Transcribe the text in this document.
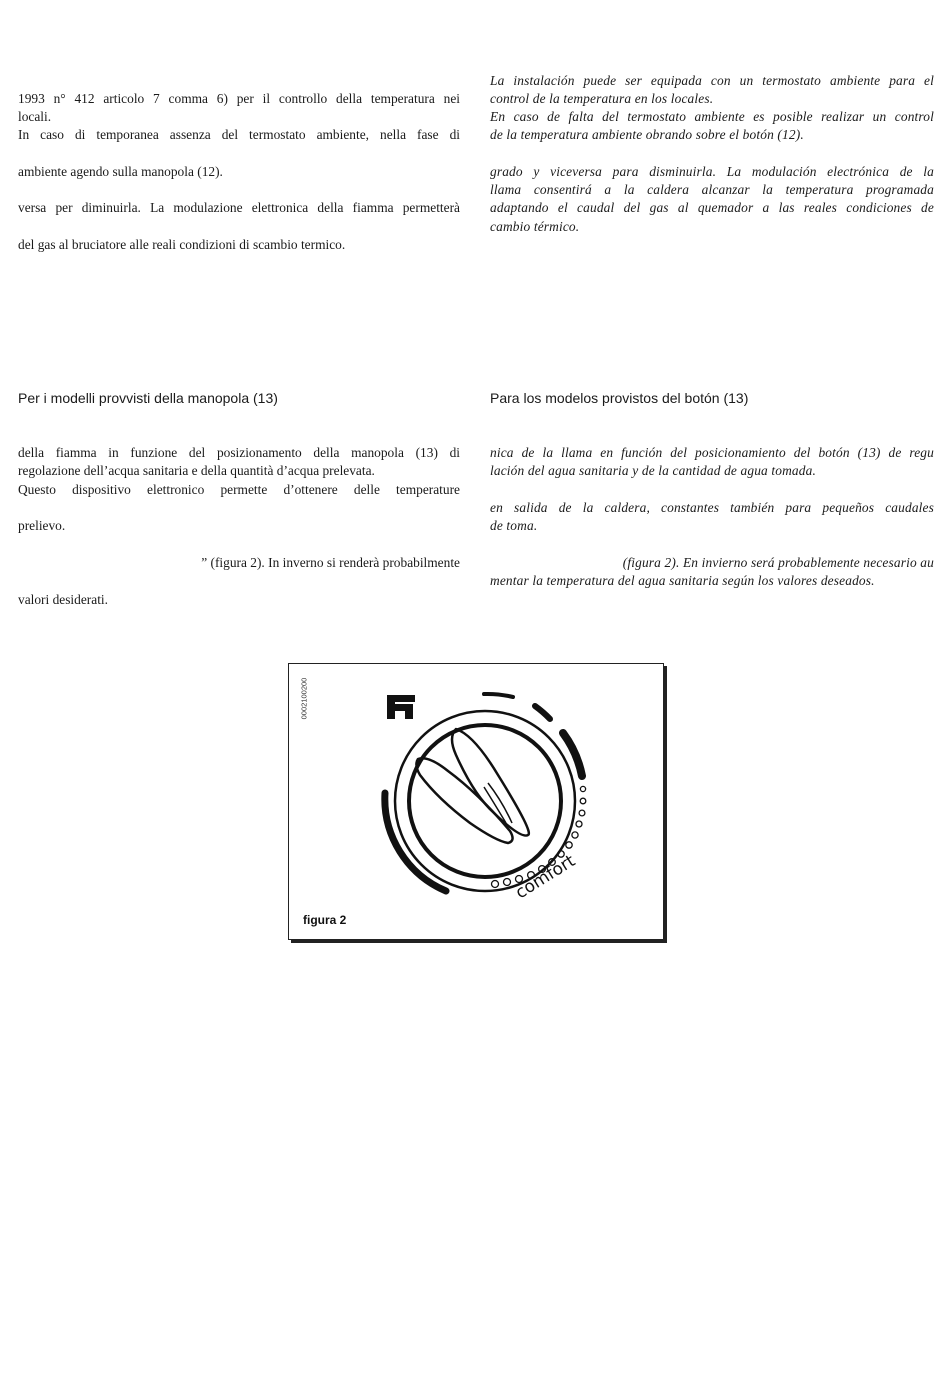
1993 n° 412 articolo 7 comma 6) per il controllo della temperatura nei
locali.
In caso di temporanea assenza del termostato ambiente, nella fase di
ambiente agendo sulla manopola (12).
versa per diminuirla. La modulazione elettronica della fiamma permetterà
del gas al bruciatore alle reali condizioni di scambio termico.
Per i modelli provvisti della manopola (13)
della fiamma in funzione del posizionamento della manopola (13) di
regolazione dell’acqua sanitaria e della quantità d’acqua prelevata.
Questo dispositivo elettronico permette d’ottenere delle temperature
prelievo.
” (figura 2). In inverno si renderà probabilmente
valori desiderati.
La instalación puede ser equipada con un termostato ambiente para el
control de la temperatura en los locales.
En caso de falta del termostato ambiente es posible realizar un control
de la temperatura ambiente obrando sobre el botón (12).
grado y viceversa para disminuirla. La modulación electrónica de la
llama consentirá a la caldera alcanzar la temperatura programada
adaptando el caudal del gas al quemador a las reales condiciones de
cambio térmico.
Para los modelos provistos del botón (13)
nica de la llama en función del posicionamiento del botón (13) de regu
lación del agua sanitaria y de la cantidad de agua tomada.
en salida de la caldera, constantes también para pequeños caudales
de toma.
(figura 2). En invierno será probablemente necesario au
mentar la temperatura del agua sanitaria según los valores deseados.
comfort
0002100200
figura 2
